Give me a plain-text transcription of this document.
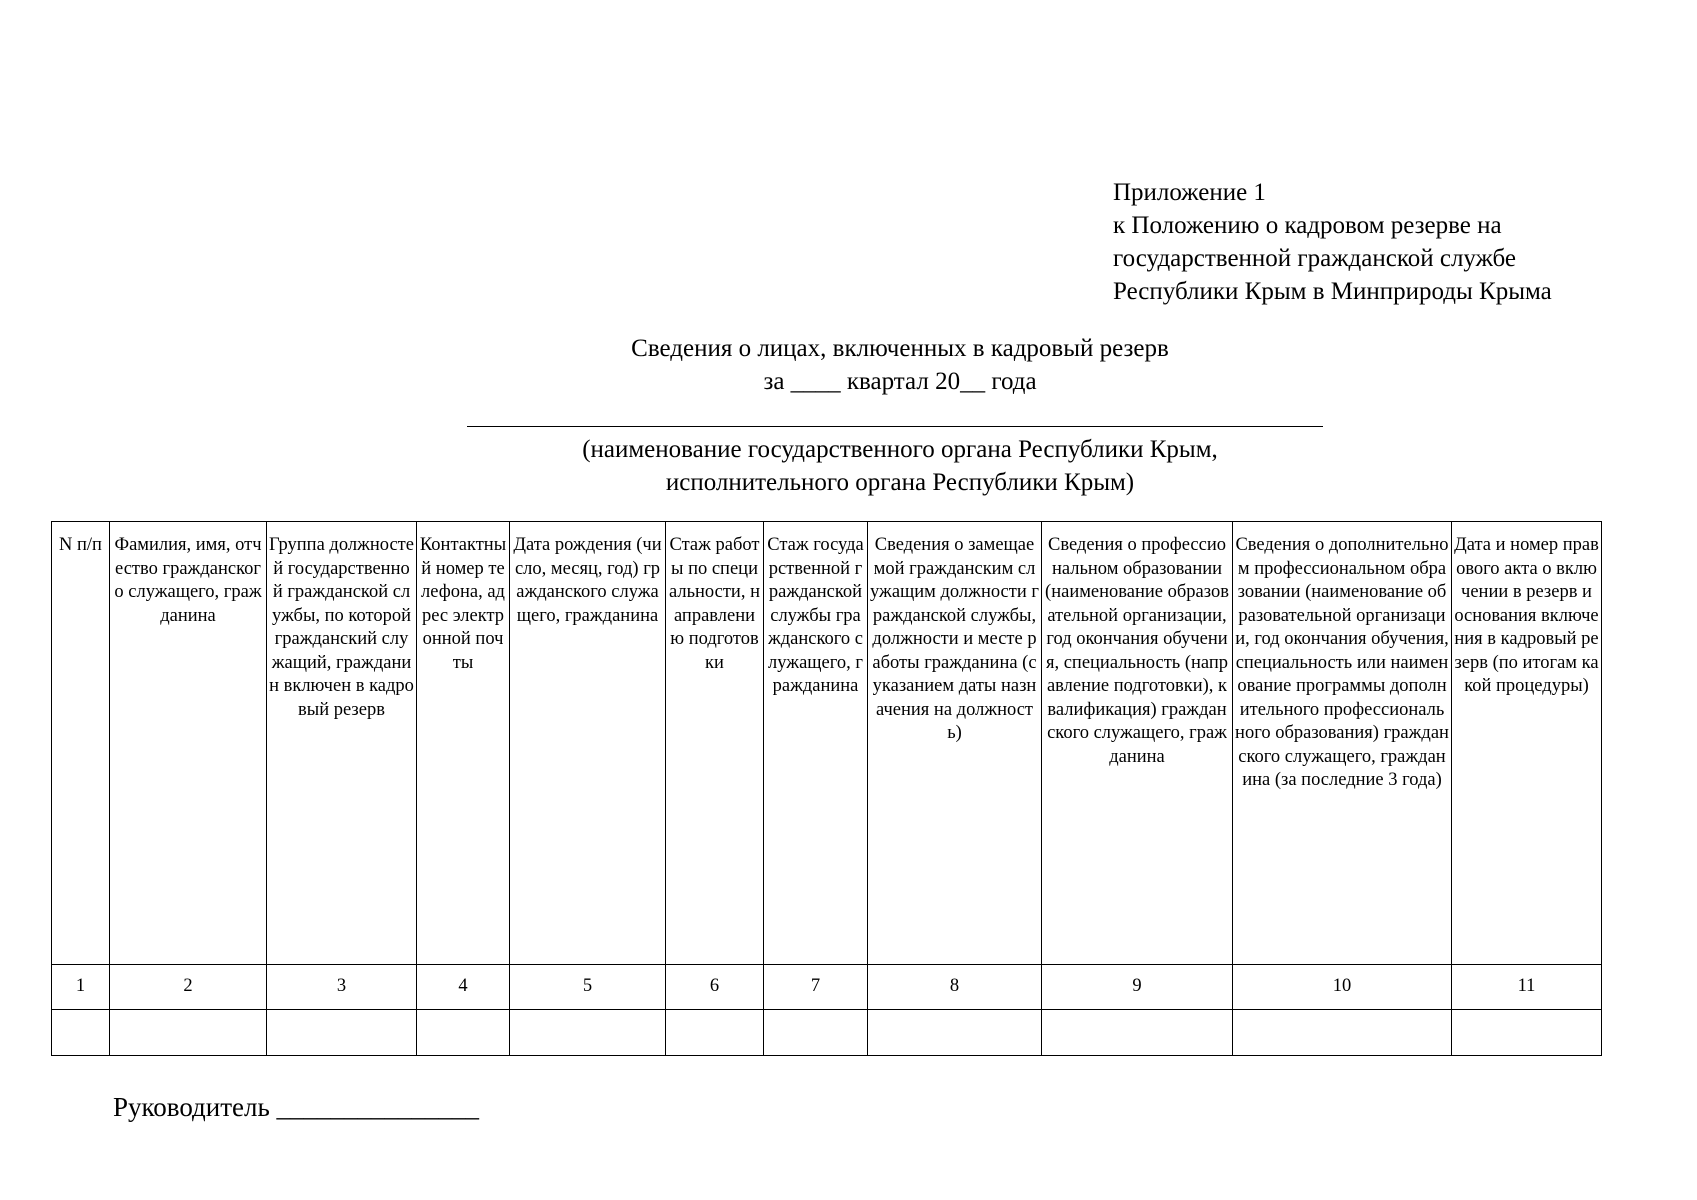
Приложение 1
к Положению о кадровом резерве на
государственной гражданской службе
Республики Крым в Минприроды Крыма
Сведения о лицах, включенных в кадровый резерв
за ____ квартал 20__ года
(наименование государственного органа Республики Крым,
исполнительного органа Республики Крым)
N п/п	Фамилия, имя, отчество гражданского служащего, гражданина	Группа должностей государственной гражданской службы, по которой гражданский служащий, гражданин включен в кадровый резерв	Контактный номер телефона, адрес электронной почты	Дата рождения (число, месяц, год) гражданского служащего, гражданина	Стаж работы по специальности, направлению подготовки	Стаж государственной гражданской службы гражданского служащего, гражданина	Сведения о замещаемой гражданским служащим должности гражданской службы, должности и месте работы гражданина (с указанием даты назначения на должность)	Сведения о профессиональном образовании (наименование образовательной организации, год окончания обучения, специальность (направление подготовки), квалификация) гражданского служащего, гражданина	Сведения о дополнительном профессиональном образовании (наименование образовательной организации, год окончания обучения, специальность или наименование программы дополнительного профессионального образования) гражданского служащего, гражданина (за последние 3 года)	Дата и номер правового акта о включении в резерв и основания включения в кадровый резерв (по итогам какой процедуры)
1	2	3	4	5	6	7	8	9	10	11

Руководитель _______________
